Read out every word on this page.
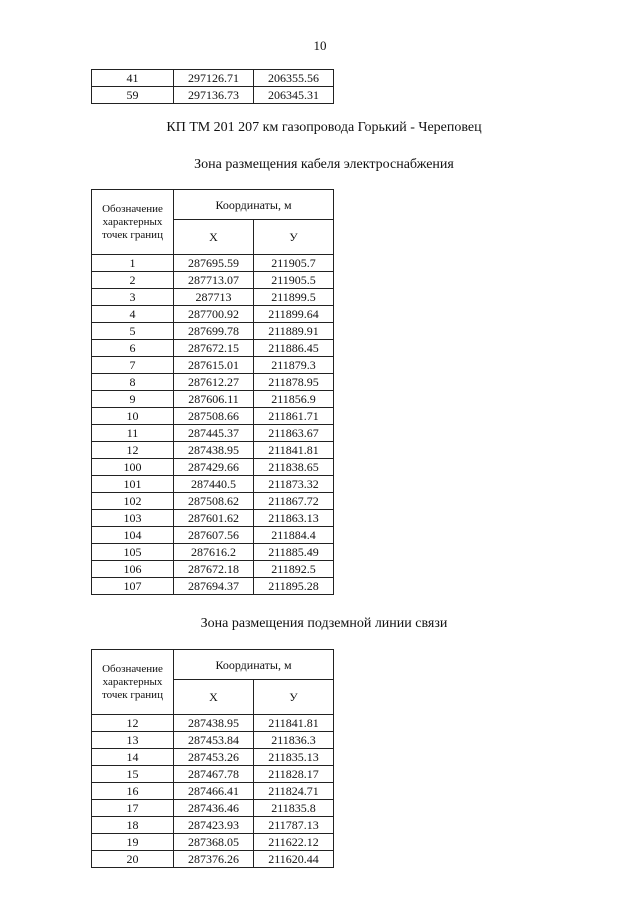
10
41	297126.71	206355.56
59	297136.73	206345.31
КП ТМ 201 207 км газопровода Горький - Череповец
Зона размещения кабеля электроснабжения
Обозначение характерных точек границ	Координаты, м	
	X	У
1	287695.59	211905.7
2	287713.07	211905.5
3	287713	211899.5
4	287700.92	211899.64
5	287699.78	211889.91
6	287672.15	211886.45
7	287615.01	211879.3
8	287612.27	211878.95
9	287606.11	211856.9
10	287508.66	211861.71
11	287445.37	211863.67
12	287438.95	211841.81
100	287429.66	211838.65
101	287440.5	211873.32
102	287508.62	211867.72
103	287601.62	211863.13
104	287607.56	211884.4
105	287616.2	211885.49
106	287672.18	211892.5
107	287694.37	211895.28
Зона размещения подземной линии связи
Обозначение характерных точек границ	Координаты, м	
	X	У
12	287438.95	211841.81
13	287453.84	211836.3
14	287453.26	211835.13
15	287467.78	211828.17
16	287466.41	211824.71
17	287436.46	211835.8
18	287423.93	211787.13
19	287368.05	211622.12
20	287376.26	211620.44
